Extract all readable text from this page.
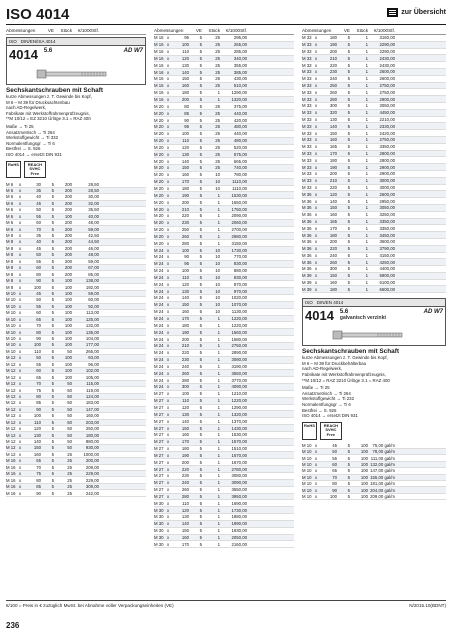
ISO 4014	zur Übersicht
Abmessungen	VE	Stück	€/1000Stf.
ISO DIN/EN/ISA 4014
4014 5.6	AD W7
Sechskantschrauben mit Schaft
kurze Abmessungen z. T. Gewinde bis Kopf,
M 6 – M 39 für Drucksachtenbau
nach AD-Regelwerk,
Fabrikate mit Werkstoffrahmenprüfzeugnis,
**M 10/12 = EZ 3210 Ürlöge 3.1 = RAZ 400
Maße → Ti 25
Ansatzmetrisch → Ti 264
Werkstoffgewicht → Ti 332
Normalentfungsgr → Ti 6
Bestfrei → S. 926
ISO 4014 → ersetzt DIN 931
RoHS	REACH SVHC Free
M 6	x	30	5	200	28,50
M 6	x	35	5	200	28,50
M 6	x	40	5	200	30,00
M 6	x	45	5	200	32,00
M 6	x	50	5	200	35,50
M 6	x	55	5	100	40,00
M 6	x	60	5	200	48,00
M 6	x	70	5	200	59,00
M 8	x	35	5	200	42,50
M 8	x	40	5	200	44,50
M 8	x	45	5	200	46,00
M 8	x	50	5	200	48,00
M 8	x	55	5	200	59,00
M 8	x	60	5	200	67,00
M 8	x	80	5	200	85,00
M 8	x	90	5	100	138,00
M 8	x	100	5	100	192,00
M 10 x	45	5	100	59,00
M 10 x	50	5	100	60,00
M 10 x	55	5	100	92,00
M 10 x	60	5	100	113,00
M 10 x	65	5	100	125,00
M 10 x	70	5	100	132,00
M 10 x	80	5	100	135,00
M 10 x	90	5	100	104,00
M 10 x	100	5	100	177,00
M 10 x	110	5	50	265,00
M 12 x	50	5	100	93,00
M 12 x	55	5	100	96,00
M 12 x	60	5	100	102,00
M 12 x	65	5	100	105,00
M 12 x	70	5	50	115,00
M 12 x	75	5	50	119,00
M 12 x	80	5	50	124,00
M 12 x	85	5	50	183,00
M 12 x	90	5	50	147,00
M 12 x	100	5	50	160,00
M 12 x	110	5	50	203,00
M 12 x	120	5	50	250,00
M 12 x	130	5	50	180,00
M 12 x	140	5	50	880,00
M 12 x	150	5	50	930,00
M 12 x	160	5	25	1000,00
M 16 x	65	5	25	200,00
M 16 x	70	5	25	209,00
M 16 x	75	5	25	229,00
M 16 x	80	5	25	229,00
M 16 x	85	5	25	309,00
M 16 x	90	5	25	242,00
Abmessungen	VE	Stück	€/1000Stf.
M 16 x	95	5	25	295,00
M 16 x	100	5	25	265,00
M 16 x	110	5	25	285,00
M 16 x	120	5	25	340,00
M 16 x	130	5	25	355,00
M 16 x	140	5	25	385,00
M 16 x	150	5	25	430,00
M 16 x	160	5	25	510,00
M 16 x	180	5	1	1290,00
M 16 x	200	5	1	1320,00
M 20 x	80	5	25	375,00
M 20 x	85	5	25	440,00
M 20 x	90	5	25	420,00
M 20 x	95	5	25	480,00
M 20 x	100	5	25	440,00
M 20 x	110	5	25	480,00
M 20 x	120	5	25	520,00
M 20 x	130	5	25	575,00
M 20 x	140	5	25	665,00
M 20 x	150	5	25	740,00
M 20 x	160	5	10	780,00
M 20 x	170	5	10	1110,00
M 20 x	180	5	10	1110,00
M 20 x	190	5	1	1530,00
M 20 x	200	5	1	1550,00
M 20 x	210	5	1	1750,00
M 20 x	220	5	1	2090,00
M 20 x	230	5	1	2060,00
M 20 x	250	5	1	2700,00
M 20 x	260	5	1	2980,00
M 20 x	280	5	1	3150,00
M 24 x	100	5	10	1730,00
M 24 x	90	5	10	770,00
M 24 x	95	5	10	830,00
M 24 x	100	5	10	880,00
M 24 x	110	5	10	830,00
M 24 x	120	5	10	870,00
M 24 x	130	5	10	970,00
M 24 x	140	5	10	1020,00
M 24 x	150	5	10	1070,00
M 24 x	160	5	10	1130,00
M 24 x	170	5	1	1220,00
M 24 x	180	5	1	1220,00
M 24 x	190	5	1	1560,00
M 24 x	200	5	1	1580,00
M 24 x	210	5	1	2750,00
M 24 x	220	5	1	2890,00
M 24 x	230	5	1	3080,00
M 24 x	240	5	1	3190,00
M 24 x	260	5	1	3550,00
M 24 x	280	5	1	3770,00
M 24 x	300	5	1	4090,00
M 27 x	100	5	1	1210,00
M 27 x	110	5	1	1220,00
M 27 x	120	5	1	1290,00
M 27 x	130	5	1	1320,00
M 27 x	140	5	1	1370,00
M 27 x	150	5	1	1430,00
M 27 x	160	5	1	1530,00
M 27 x	170	5	1	1570,00
M 27 x	180	5	1	1510,00
M 27 x	190	5	1	1670,00
M 27 x	200	5	1	1670,00
M 27 x	220	5	1	2780,00
M 27 x	230	5	1	3080,00
M 27 x	240	5	1	3090,00
M 27 x	260	5	1	3550,00
M 27 x	280	5	1	3950,00
M 30 x	110	5	1	1690,00
M 30 x	120	5	1	1730,00
M 30 x	130	5	1	1880,00
M 30 x	140	5	1	1890,00
M 30 x	150	5	1	1930,00
M 30 x	160	5	1	2050,00
M 30 x	170	5	1	2160,00
Abmessungen	VE	Stück	€/1000Stf.
M 33 x	180	5	1	3160,00
M 33 x	190	5	1	2290,00
M 33 x	200	5	1	2290,00
M 33 x	210	5	1	2430,00
M 33 x	220	5	1	2430,00
M 33 x	230	5	1	2600,00
M 33 x	240	5	1	2600,00
M 33 x	250	5	1	2750,00
M 33 x	260	5	1	2750,00
M 33 x	280	5	1	2900,00
M 33 x	300	5	1	3050,00
M 33 x	320	5	1	4450,00
M 33 x	130	5	1	2210,00
M 33 x	140	5	1	2330,00
M 33 x	150	5	1	2420,00
M 33 x	160	5	1	2750,00
M 33 x	165	5	1	3350,00
M 33 x	170	5	1	2800,00
M 33 x	180	5	1	2800,00
M 33 x	190	5	1	2900,00
M 33 x	200	5	1	2900,00
M 33 x	210	5	1	3000,00
M 33 x	220	5	1	3000,00
M 36 x	120	5	1	2600,00
M 36 x	140	5	1	2950,00
M 36 x	150	5	1	3050,00
M 36 x	160	5	1	3250,00
M 36 x	165	5	1	3350,00
M 36 x	170	5	1	3350,00
M 36 x	180	5	1	3450,00
M 36 x	200	5	1	3600,00
M 36 x	220	5	1	3790,00
M 36 x	240	5	1	4150,00
M 36 x	260	5	1	4250,00
M 36 x	300	5	1	4400,00
M 39 x	150	5	1	5900,00
M 39 x	160	5	1	6100,00
M 39 x	180	5	1	6600,00
ISO DIN/EN 4014
4014 5.6
galvanisch verzinkt
AD W7
Sechskantschrauben mit Schaft
kurze Abmessungen z. T. Gewinde bis Kopf,
M 6 – M 39 für Druckbehälterbau
nach AD-Regelwerk,
Fabrikate mit Werkstoffrahmenprüfzeugnis,
**M 10/12 = RAZ 3210 Ürlöge 3.1 = RAZ 400
Maße → Ti 25
Ansatzmetrisch → Ti 264
Werkstoffgewicht → Ti 232
Normalentfungsgr → Ti 6
Bestfrei → S. 926
ISO 4014 → ersetzt DIN 931
RoHS	REACH SVHC Free
M 10 x	45	5	100	75,00 gal/m
M 10 x	50	5	100	78,00 gal/m
M 10 x	55	5	100 111,00 gal/m
M 10 x	60	5	100 132,00 gal/m
M 10 x	65	5	100 147,00 gal/m
M 10 x	70	5	100 155,00 gal/m
M 10 x	80	5	100 181,00 gal/m
M 10 x	90	5	100 204,00 gal/m
M 10 x	100	5	100 209,00 gal/m
€/100 = Preis in € zuzüglich MwSt. bei Abnahme voller Verpackungseinheiten (VE)	N/2015.10(BDNT)
236
